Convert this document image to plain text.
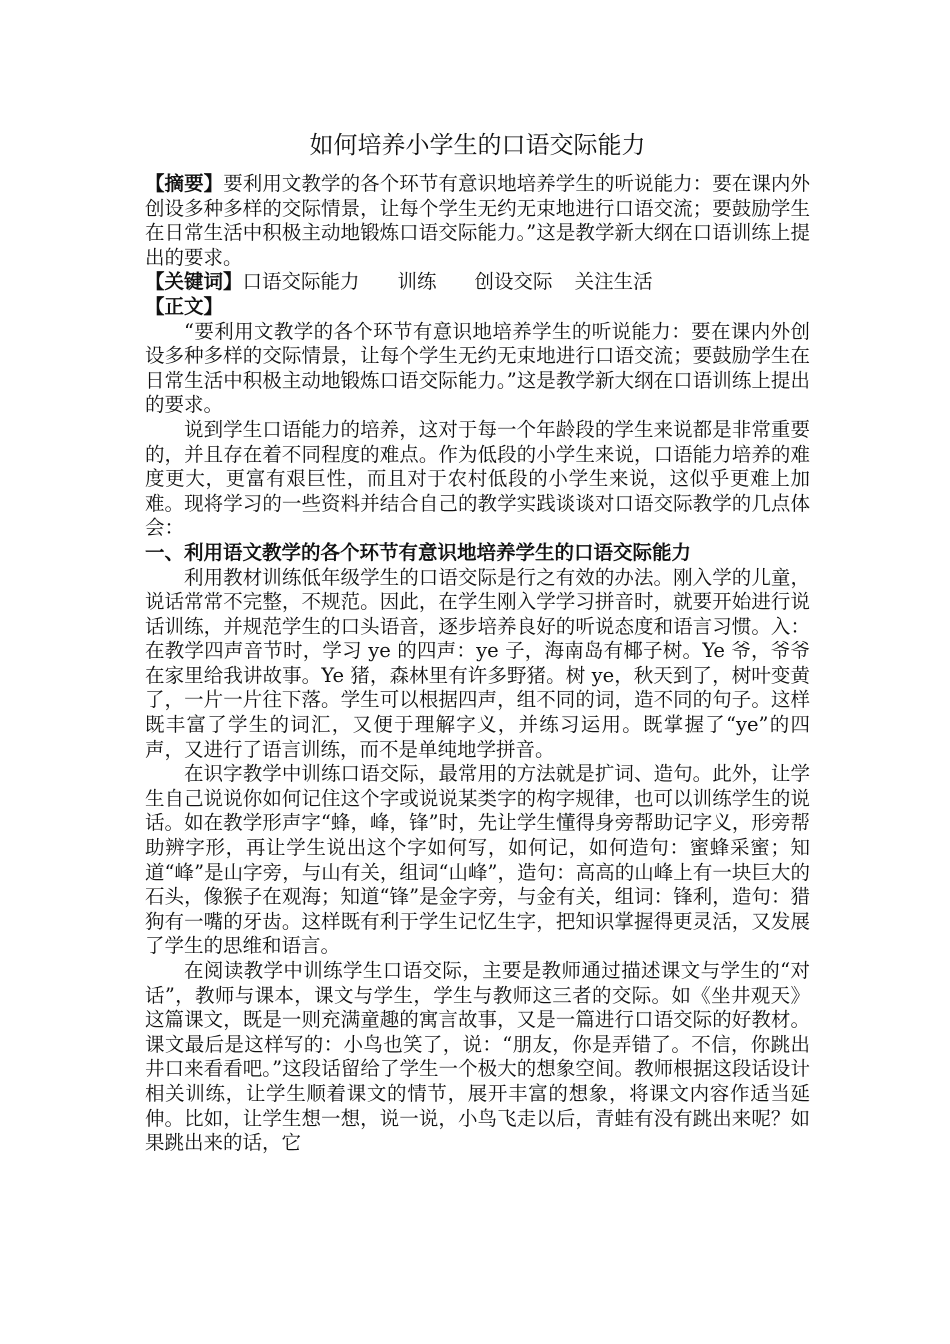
如何培养小学生的口语交际能力

【摘要】要利用文教学的各个环节有意识地培养学生的听说能力：要在课内外创设多种多样的交际情景，让每个学生无约无束地进行口语交流；要鼓励学生在日常生活中积极主动地锻炼口语交际能力。”这是教学新大纲在口语训练上提出的要求。

【关键词】口语交际能力 训练 创设交际 关注生活

【正文】

“要利用文教学的各个环节有意识地培养学生的听说能力：要在课内外创设多种多样的交际情景，让每个学生无约无束地进行口语交流；要鼓励学生在日常生活中积极主动地锻炼口语交际能力。”这是教学新大纲在口语训练上提出的要求。

说到学生口语能力的培养，这对于每一个年龄段的学生来说都是非常重要的，并且存在着不同程度的难点。作为低段的小学生来说，口语能力培养的难度更大，更富有艰巨性，而且对于农村低段的小学生来说，这似乎更难上加难。现将学习的一些资料并结合自己的教学实践谈谈对口语交际教学的几点体会：

一、利用语文教学的各个环节有意识地培养学生的口语交际能力

利用教材训练低年级学生的口语交际是行之有效的办法。刚入学的儿童，说话常常不完整，不规范。因此，在学生刚入学学习拼音时，就要开始进行说话训练，并规范学生的口头语音，逐步培养良好的听说态度和语言习惯。入：在教学四声音节时，学习 ye 的四声：ye 子，海南岛有椰子树。Ye 爷，爷爷在家里给我讲故事。Ye 猪，森林里有许多野猪。树 ye，秋天到了，树叶变黄了，一片一片往下落。学生可以根据四声，组不同的词，造不同的句子。这样既丰富了学生的词汇，又便于理解字义，并练习运用。既掌握了“ye”的四声，又进行了语言训练，而不是单纯地学拼音。

在识字教学中训练口语交际，最常用的方法就是扩词、造句。此外，让学生自己说说你如何记住这个字或说说某类字的构字规律，也可以训练学生的说话。如在教学形声字“蜂，峰，锋”时，先让学生懂得身旁帮助记字义，形旁帮助辨字形，再让学生说出这个字如何写，如何记，如何造句：蜜蜂采蜜；知道“峰”是山字旁，与山有关，组词“山峰”，造句：高高的山峰上有一块巨大的石头，像猴子在观海；知道“锋”是金字旁，与金有关，组词：锋利，造句：猎狗有一嘴的牙齿。这样既有利于学生记忆生字，把知识掌握得更灵活，又发展了学生的思维和语言。

在阅读教学中训练学生口语交际，主要是教师通过描述课文与学生的“对话”，教师与课本，课文与学生，学生与教师这三者的交际。如《坐井观天》这篇课文，既是一则充满童趣的寓言故事，又是一篇进行口语交际的好教材。课文最后是这样写的：小鸟也笑了，说：“朋友，你是弄错了。不信，你跳出井口来看看吧。”这段话留给了学生一个极大的想象空间。教师根据这段话设计相关训练，让学生顺着课文的情节，展开丰富的想象，将课文内容作适当延伸。比如，让学生想一想，说一说，小鸟飞走以后，青蛙有没有跳出来呢？如果跳出来的话，它
